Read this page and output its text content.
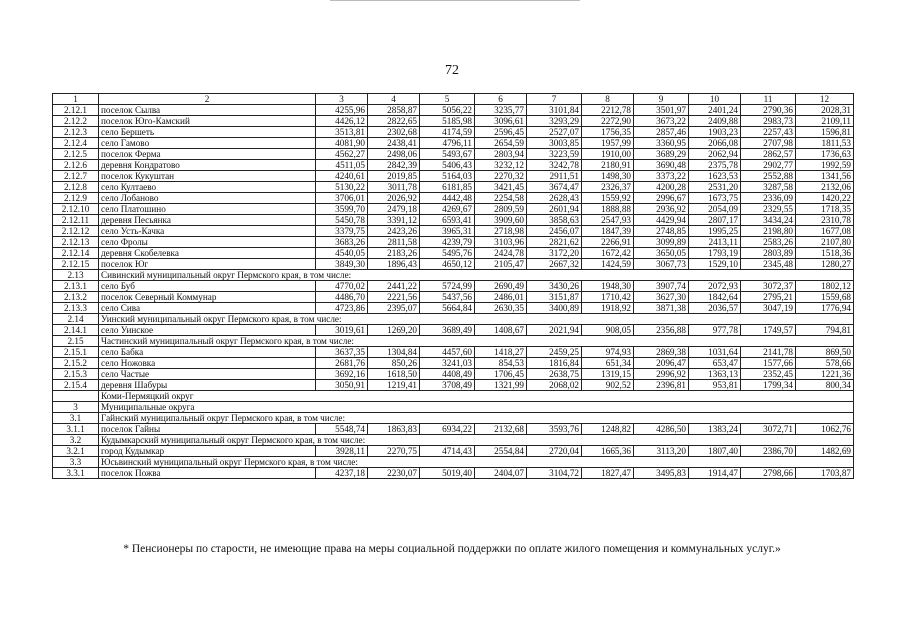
72
1	2	3	4	5	6	7	8	9	10	11	12
2.12.1	поселок Сылва	4255,96	2858,87	5056,22	3235,77	3101,84	2212,78	3501,97	2401,24	2790,36	2028,31
2.12.2	поселок Юго-Камский	4426,12	2822,65	5185,98	3096,61	3293,29	2272,90	3673,22	2409,88	2983,73	2109,11
2.12.3	село Бершеть	3513,81	2302,68	4174,59	2596,45	2527,07	1756,35	2857,46	1903,23	2257,43	1596,81
2.12.4	село Гамово	4081,90	2438,41	4796,11	2654,59	3003,85	1957,99	3360,95	2066,08	2707,98	1811,53
2.12.5	поселок Ферма	4562,27	2498,06	5493,67	2803,94	3223,59	1910,00	3689,29	2062,94	2862,57	1736,63
2.12.6	деревня Кондратово	4511,05	2842,39	5406,43	3232,12	3242,78	2180,91	3690,48	2375,78	2902,77	1992,59
2.12.7	поселок Кукуштан	4240,61	2019,85	5164,03	2270,32	2911,51	1498,30	3373,22	1623,53	2552,88	1341,56
2.12.8	село Култаево	5130,22	3011,78	6181,85	3421,45	3674,47	2326,37	4200,28	2531,20	3287,58	2132,06
2.12.9	село Лобаново	3706,01	2026,92	4442,48	2254,58	2628,43	1559,92	2996,67	1673,75	2336,09	1420,22
2.12.10	село Платошино	3599,70	2479,18	4269,67	2809,59	2601,94	1888,88	2936,92	2054,09	2329,55	1718,35
2.12.11	деревня Песьянка	5450,78	3391,12	6593,41	3909,60	3858,63	2547,93	4429,94	2807,17	3434,24	2310,78
2.12.12	село Усть-Качка	3379,75	2423,26	3965,31	2718,98	2456,07	1847,39	2748,85	1995,25	2198,80	1677,08
2.12.13	село Фролы	3683,26	2811,58	4239,79	3103,96	2821,62	2266,91	3099,89	2413,11	2583,26	2107,80
2.12.14	деревня Скобелевка	4540,05	2183,26	5495,76	2424,78	3172,20	1672,42	3650,05	1793,19	2803,89	1518,36
2.12.15	поселок Юг	3849,30	1896,43	4650,12	2105,47	2667,32	1424,59	3067,73	1529,10	2345,48	1280,27
2.13	Сивинский муниципальный округ Пермского края, в том числе:										
2.13.1	село Буб	4770,02	2441,22	5724,99	2690,49	3430,26	1948,30	3907,74	2072,93	3072,37	1802,12
2.13.2	поселок Северный Коммунар	4486,70	2221,56	5437,56	2486,01	3151,87	1710,42	3627,30	1842,64	2795,21	1559,68
2.13.3	село Сива	4723,86	2395,07	5664,84	2630,35	3400,89	1918,92	3871,38	2036,57	3047,19	1776,94
2.14	Уинский муниципальный округ Пермского края, в том числе:										
2.14.1	село Уинское	3019,61	1269,20	3689,49	1408,67	2021,94	908,05	2356,88	977,78	1749,57	794,81
2.15	Частинский муниципальный округ Пермского края, в том числе:										
2.15.1	село Бабка	3637,35	1304,84	4457,60	1418,27	2459,25	974,93	2869,38	1031,64	2141,78	869,50
2.15.2	село Ножовка	2681,76	850,26	3241,03	854,53	1816,84	651,34	2096,47	653,47	1577,66	578,66
2.15.3	село Частые	3692,16	1618,50	4408,49	1706,45	2638,75	1319,15	2996,92	1363,13	2352,45	1221,36
2.15.4	деревня Шабуры	3050,91	1219,41	3708,49	1321,99	2068,02	902,52	2396,81	953,81	1799,34	800,34
	Коми-Пермяцкий округ										
3	Муниципальные округа										
3.1	Гайнский муниципальный округ Пермского края, в том числе:										
3.1.1	поселок Гайны	5548,74	1863,83	6934,22	2132,68	3593,76	1248,82	4286,50	1383,24	3072,71	1062,76
3.2	Кудымкарский муниципальный округ Пермского края, в том числе:										
3.2.1	город Кудымкар	3928,11	2270,75	4714,43	2554,84	2720,04	1665,36	3113,20	1807,40	2386,70	1482,69
3.3	Юсьвинский муниципальный округ Пермского края, в том числе:										
3.3.1	поселок Пожва	4237,18	2230,07	5019,40	2404,07	3104,72	1827,47	3495,83	1914,47	2798,66	1703,87
* Пенсионеры по старости, не имеющие права на меры социальной поддержки по оплате жилого помещения и коммунальных услуг.»
